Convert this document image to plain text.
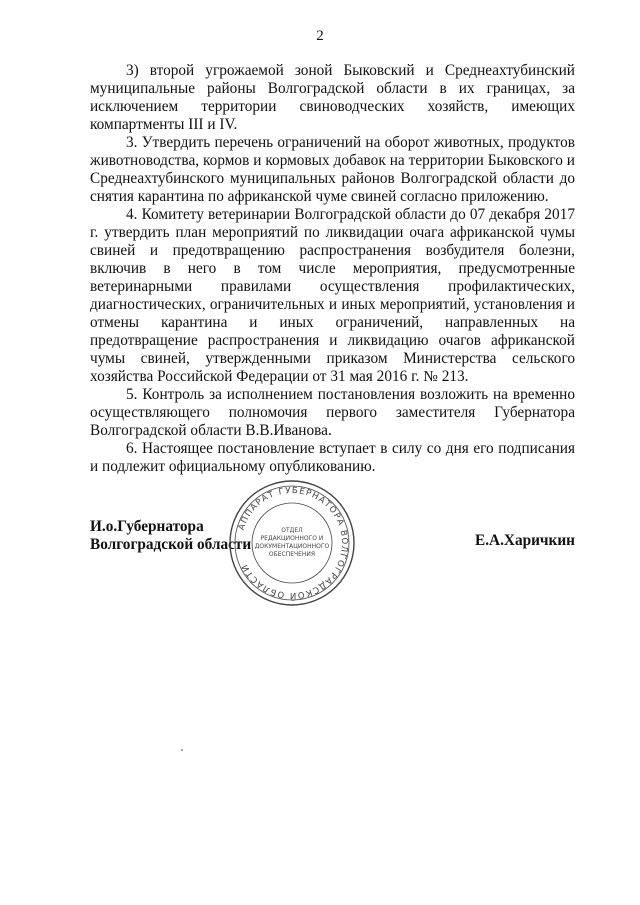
2

3) второй угрожаемой зоной Быковский и Среднеахтубинский муниципальные районы Волгоградской области в их границах, за исключением территории свиноводческих хозяйств, имеющих компартменты III и IV.

3. Утвердить перечень ограничений на оборот животных, продуктов животноводства, кормов и кормовых добавок на территории Быковского и Среднеахтубинского муниципальных районов Волгоградской области до снятия карантина по африканской чуме свиней согласно приложению.

4. Комитету ветеринарии Волгоградской области до 07 декабря 2017 г. утвердить план мероприятий по ликвидации очага африканской чумы свиней и предотвращению распространения возбудителя болезни, включив в него в том числе мероприятия, предусмотренные ветеринарными правилами осуществления профилактических, диагностических, ограничительных и иных мероприятий, установления и отмены карантина и иных ограничений, направленных на предотвращение распространения и ликвидацию очагов африканской чумы свиней, утвержденными приказом Министерства сельского хозяйства Российской Федерации от 31 мая 2016 г. № 213.

5. Контроль за исполнением постановления возложить на временно осуществляющего полномочия первого заместителя Губернатора Волгоградской области В.В.Иванова.

6. Настоящее постановление вступает в силу со дня его подписания и подлежит официальному опубликованию.

И.о.Губернатора
Волгоградской области	Е.А.Харичкин
АППАРАТ ГУБЕРНАТОРА ВОЛГОГРАДСКОЙ ОБЛАСТИ
ОТДЕЛ
РЕДАКЦИОННОГО И
ДОКУМЕНТАЦИОННОГО
ОБЕСПЕЧЕНИЯ
